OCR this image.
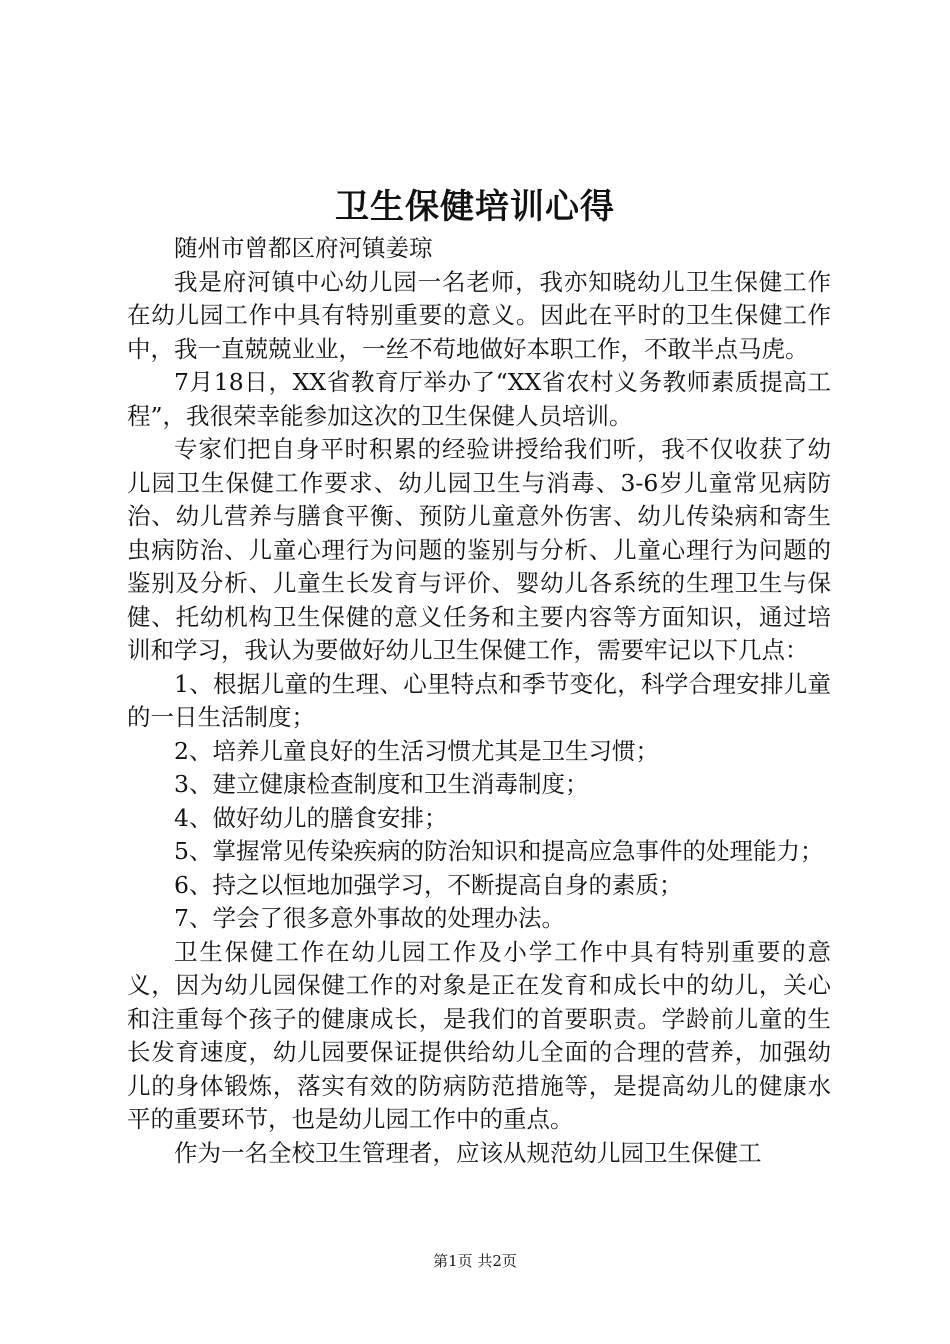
卫生保健培训心得

随州市曾都区府河镇姜琼

我是府河镇中心幼儿园一名老师，我亦知晓幼儿卫生保健工作在幼儿园工作中具有特别重要的意义。因此在平时的卫生保健工作中，我一直兢兢业业，一丝不苟地做好本职工作，不敢半点马虎。

7月18日，XX省教育厅举办了“XX省农村义务教师素质提高工程”，我很荣幸能参加这次的卫生保健人员培训。

专家们把自身平时积累的经验讲授给我们听，我不仅收获了幼儿园卫生保健工作要求、幼儿园卫生与消毒、3-6岁儿童常见病防治、幼儿营养与膳食平衡、预防儿童意外伤害、幼儿传染病和寄生虫病防治、儿童心理行为问题的鉴别与分析、儿童心理行为问题的鉴别及分析、儿童生长发育与评价、婴幼儿各系统的生理卫生与保健、托幼机构卫生保健的意义任务和主要内容等方面知识，通过培训和学习，我认为要做好幼儿卫生保健工作，需要牢记以下几点：

1、根据儿童的生理、心里特点和季节变化，科学合理安排儿童的一日生活制度；

2、培养儿童良好的生活习惯尤其是卫生习惯；

3、建立健康检查制度和卫生消毒制度；

4、做好幼儿的膳食安排；

5、掌握常见传染疾病的防治知识和提高应急事件的处理能力；

6、持之以恒地加强学习，不断提高自身的素质；

7、学会了很多意外事故的处理办法。

卫生保健工作在幼儿园工作及小学工作中具有特别重要的意义，因为幼儿园保健工作的对象是正在发育和成长中的幼儿，关心和注重每个孩子的健康成长，是我们的首要职责。学龄前儿童的生长发育速度，幼儿园要保证提供给幼儿全面的合理的营养，加强幼儿的身体锻炼，落实有效的防病防范措施等，是提高幼儿的健康水平的重要环节，也是幼儿园工作中的重点。

作为一名全校卫生管理者，应该从规范幼儿园卫生保健工

第1页 共2页
